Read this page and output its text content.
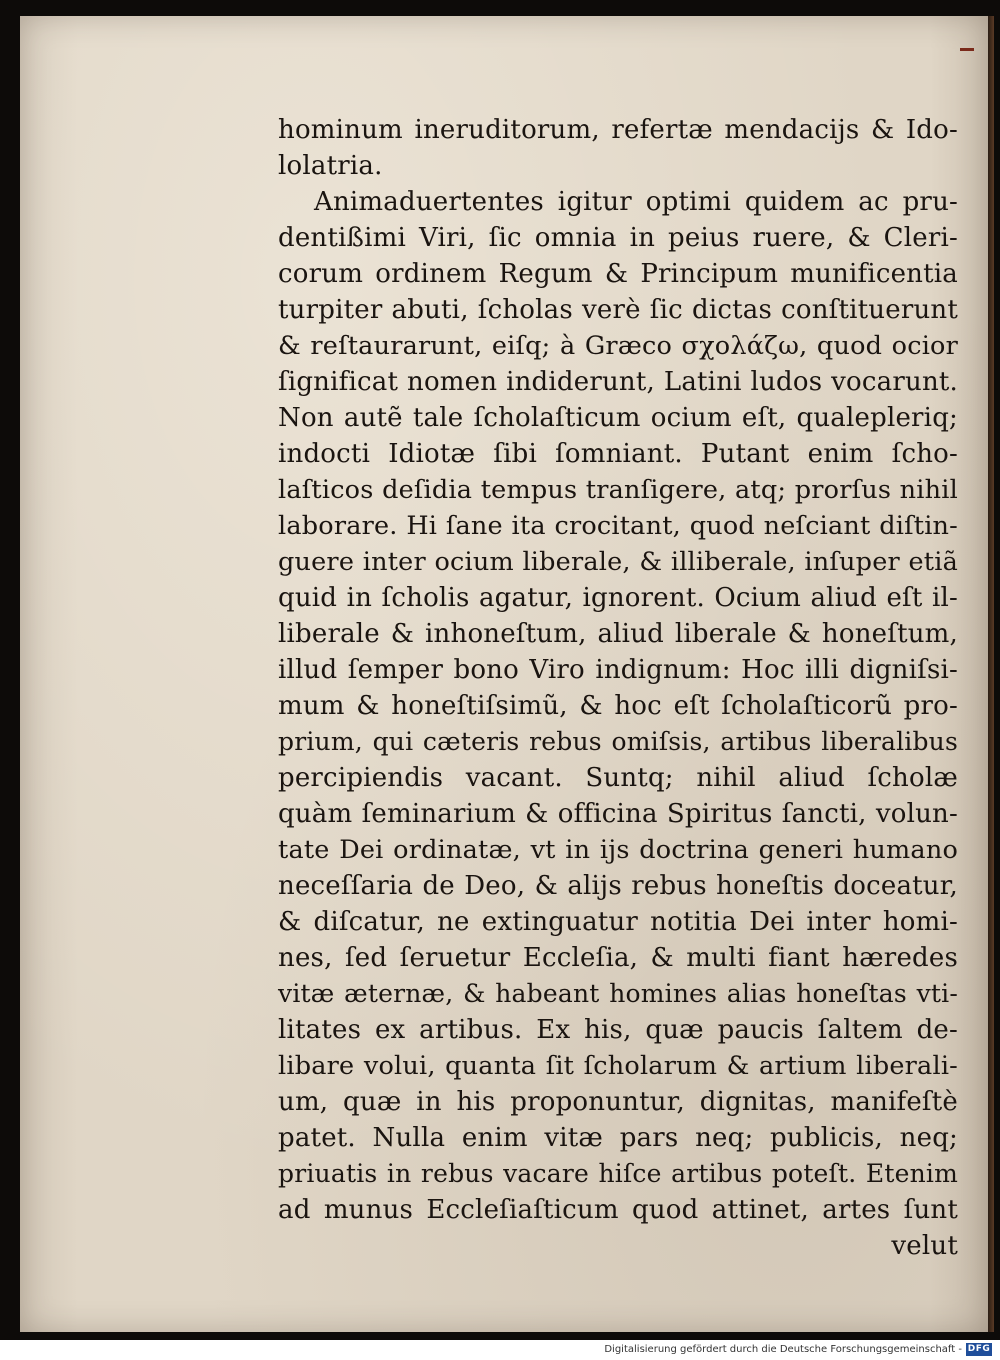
hominum ineruditorum, refertæ mendacijs & Ido-
lolatria.
Animaduertentes igitur optimi quidem ac pru-
dentißimi Viri, ſic omnia in peius ruere, & Cleri-
corum ordinem Regum & Principum munificentia
turpiter abuti, ſcholas verè ſic dictas conſtituerunt
& reſtaurarunt, eiſq; à Græco σχολάζω, quod ocior
ſignificat nomen indiderunt, Latini ludos vocarunt.
Non autẽ tale ſcholaſticum ocium eſt, qualepleriq;
indocti Idiotæ ſibi ſomniant. Putant enim ſcho-
laſticos deſidia tempus tranſigere, atq; prorſus nihil
laborare. Hi ſane ita crocitant, quod neſciant diſtin-
guere inter ocium liberale, & illiberale, inſuper etiã
quid in ſcholis agatur, ignorent. Ocium aliud eſt il-
liberale & inhoneſtum, aliud liberale & honeſtum,
illud ſemper bono Viro indignum: Hoc illi digniſsi-
mum & honeſtiſsimũ, & hoc eſt ſcholaſticorũ pro-
prium, qui cæteris rebus omiſsis, artibus liberalibus
percipiendis vacant. Suntq; nihil aliud ſcholæ
quàm ſeminarium & officina Spiritus ſancti, volun-
tate Dei ordinatæ, vt in ijs doctrina generi humano
neceſſaria de Deo, & alijs rebus honeſtis doceatur,
& diſcatur, ne extinguatur notitia Dei inter homi-
nes, ſed ſeruetur Eccleſia, & multi fiant hæredes
vitæ æternæ, & habeant homines alias honeſtas vti-
litates ex artibus. Ex his, quæ paucis ſaltem de-
libare volui, quanta ſit ſcholarum & artium liberali-
um, quæ in his proponuntur, dignitas, manifeſtè
patet. Nulla enim vitæ pars neq; publicis, neq;
priuatis in rebus vacare hiſce artibus poteſt. Etenim
ad munus Eccleſiaſticum quod attinet, artes ſunt
velut
Digitalisierung gefördert durch die Deutsche Forschungsgemeinschaft - DFG
